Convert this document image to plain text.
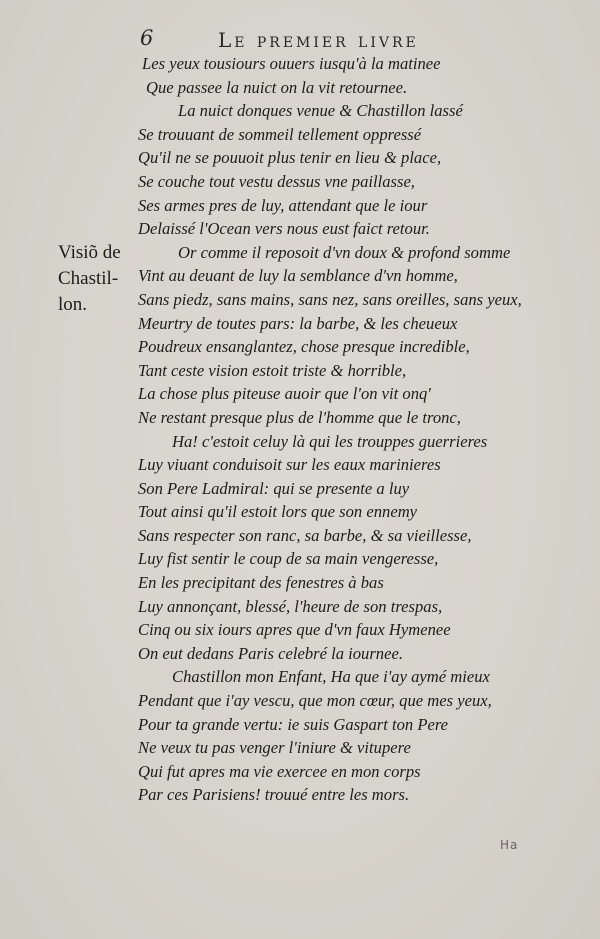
6	Le premier livre
Visiõ de
Chastil-
lon.
Les yeux tousiours ouuers iusqu'à la matinee
Que passee la nuict on la vit retournee.
La nuict donques venue & Chastillon lassé
Se trouuant de sommeil tellement oppressé
Qu'il ne se pouuoit plus tenir en lieu & place,
Se couche tout vestu dessus vne paillasse,
Ses armes pres de luy, attendant que le iour
Delaissé l'Ocean vers nous eust faict retour.
Or comme il reposoit d'vn doux & profond somme
Vint au deuant de luy la semblance d'vn homme,
Sans piedz, sans mains, sans nez, sans oreilles, sans yeux,
Meurtry de toutes pars: la barbe, & les cheueux
Poudreux ensanglantez, chose presque incredible,
Tant ceste vision estoit triste & horrible,
La chose plus piteuse auoir que l'on vit onq'
Ne restant presque plus de l'homme que le tronc,
Ha! c'estoit celuy là qui les trouppes guerrieres
Luy viuant conduisoit sur les eaux marinieres
Son Pere Ladmiral: qui se presente a luy
Tout ainsi qu'il estoit lors que son ennemy
Sans respecter son ranc, sa barbe, & sa vieillesse,
Luy fist sentir le coup de sa main vengeresse,
En les precipitant des fenestres à bas
Luy annonçant, blessé, l'heure de son trespas,
Cinq ou six iours apres que d'vn faux Hymenee
On eut dedans Paris celebré la iournee.
Chastillon mon Enfant, Ha que i'ay aymé mieux
Pendant que i'ay vescu, que mon cœur, que mes yeux,
Pour ta grande vertu: ie suis Gaspart ton Pere
Ne veux tu pas venger l'iniure & vitupere
Qui fut apres ma vie exercee en mon corps
Par ces Parisiens! trouué entre les mors.
Ha
